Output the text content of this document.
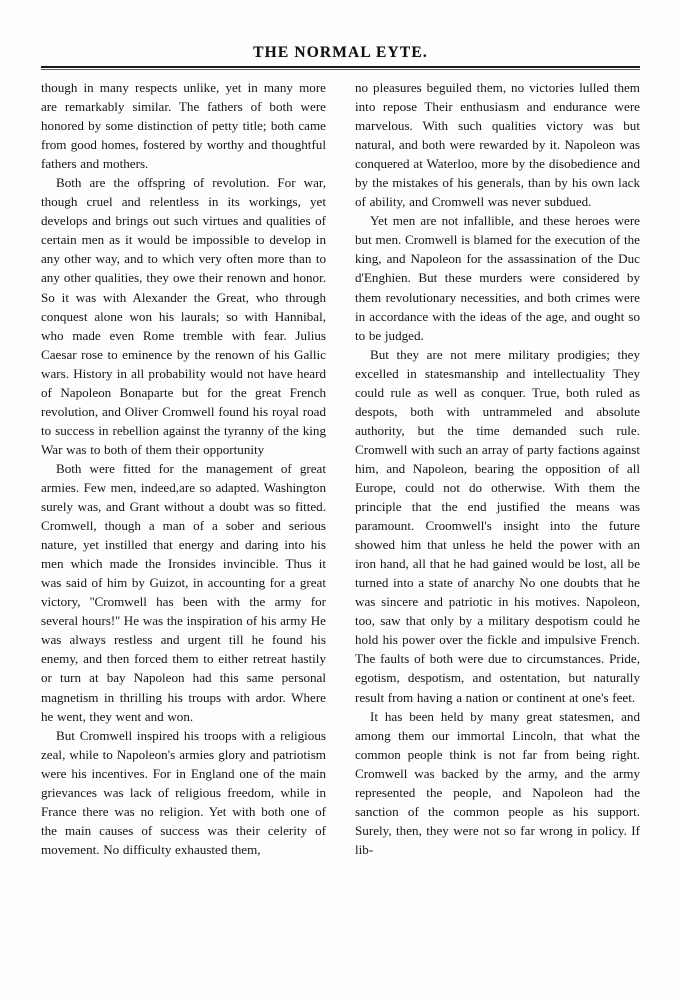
THE NORMAL EYTE.

though in many respects unlike, yet in many more are remarkably similar. The fathers of both were honored by some distinction of petty title; both came from good homes, fostered by worthy and thoughtful fathers and mothers.

Both are the offspring of revolution. For war, though cruel and relentless in its workings, yet develops and brings out such virtues and qualities of certain men as it would be impossible to develop in any other way, and to which very often more than to any other qualities, they owe their renown and honor. So it was with Alexander the Great, who through conquest alone won his laurals; so with Hannibal, who made even Rome tremble with fear. Julius Caesar rose to eminence by the renown of his Gallic wars. History in all probability would not have heard of Napoleon Bonaparte but for the great French revolution, and Oliver Cromwell found his royal road to success in rebellion against the tyranny of the king War was to both of them their opportunity

Both were fitted for the management of great armies. Few men, indeed,are so adapted. Washington surely was, and Grant without a doubt was so fitted. Cromwell, though a man of a sober and serious nature, yet instilled that energy and daring into his men which made the Ironsides invincible. Thus it was said of him by Guizot, in accounting for a great victory, ''Cromwell has been with the army for several hours!'' He was the inspiration of his army He was always restless and urgent till he found his enemy, and then forced them to either retreat hastily or turn at bay Napoleon had this same personal magnetism in thrilling his troups with ardor. Where he went, they went and won.

But Cromwell inspired his troops with a religious zeal, while to Napoleon's armies glory and patriotism were his incentives. For in England one of the main grievances was lack of religious freedom, while in France there was no religion. Yet with both one of the main causes of success was their celerity of movement. No difficulty exhausted them,

no pleasures beguiled them, no victories lulled them into repose Their enthusiasm and endurance were marvelous. With such qualities victory was but natural, and both were rewarded by it. Napoleon was conquered at Waterloo, more by the disobedience and by the mistakes of his generals, than by his own lack of ability, and Cromwell was never subdued.

Yet men are not infallible, and these heroes were but men. Cromwell is blamed for the execution of the king, and Napoleon for the assassination of the Duc d'Enghien. But these murders were considered by them revolutionary necessities, and both crimes were in accordance with the ideas of the age, and ought so to be judged.

But they are not mere military prodigies; they excelled in statesmanship and intellectuality They could rule as well as conquer. True, both ruled as despots, both with untrammeled and absolute authority, but the time demanded such rule. Cromwell with such an array of party factions against him, and Napoleon, bearing the opposition of all Europe, could not do otherwise. With them the principle that the end justified the means was paramount. Croomwell's insight into the future showed him that unless he held the power with an iron hand, all that he had gained would be lost, all be turned into a state of anarchy No one doubts that he was sincere and patriotic in his motives. Napoleon, too, saw that only by a military despotism could he hold his power over the fickle and impulsive French. The faults of both were due to circumstances. Pride, egotism, despotism, and ostentation, but naturally result from having a nation or continent at one's feet.

It has been held by many great statesmen, and among them our immortal Lincoln, that what the common people think is not far from being right. Cromwell was backed by the army, and the army represented the people, and Napoleon had the sanction of the common people as his support. Surely, then, they were not so far wrong in policy. If lib-
